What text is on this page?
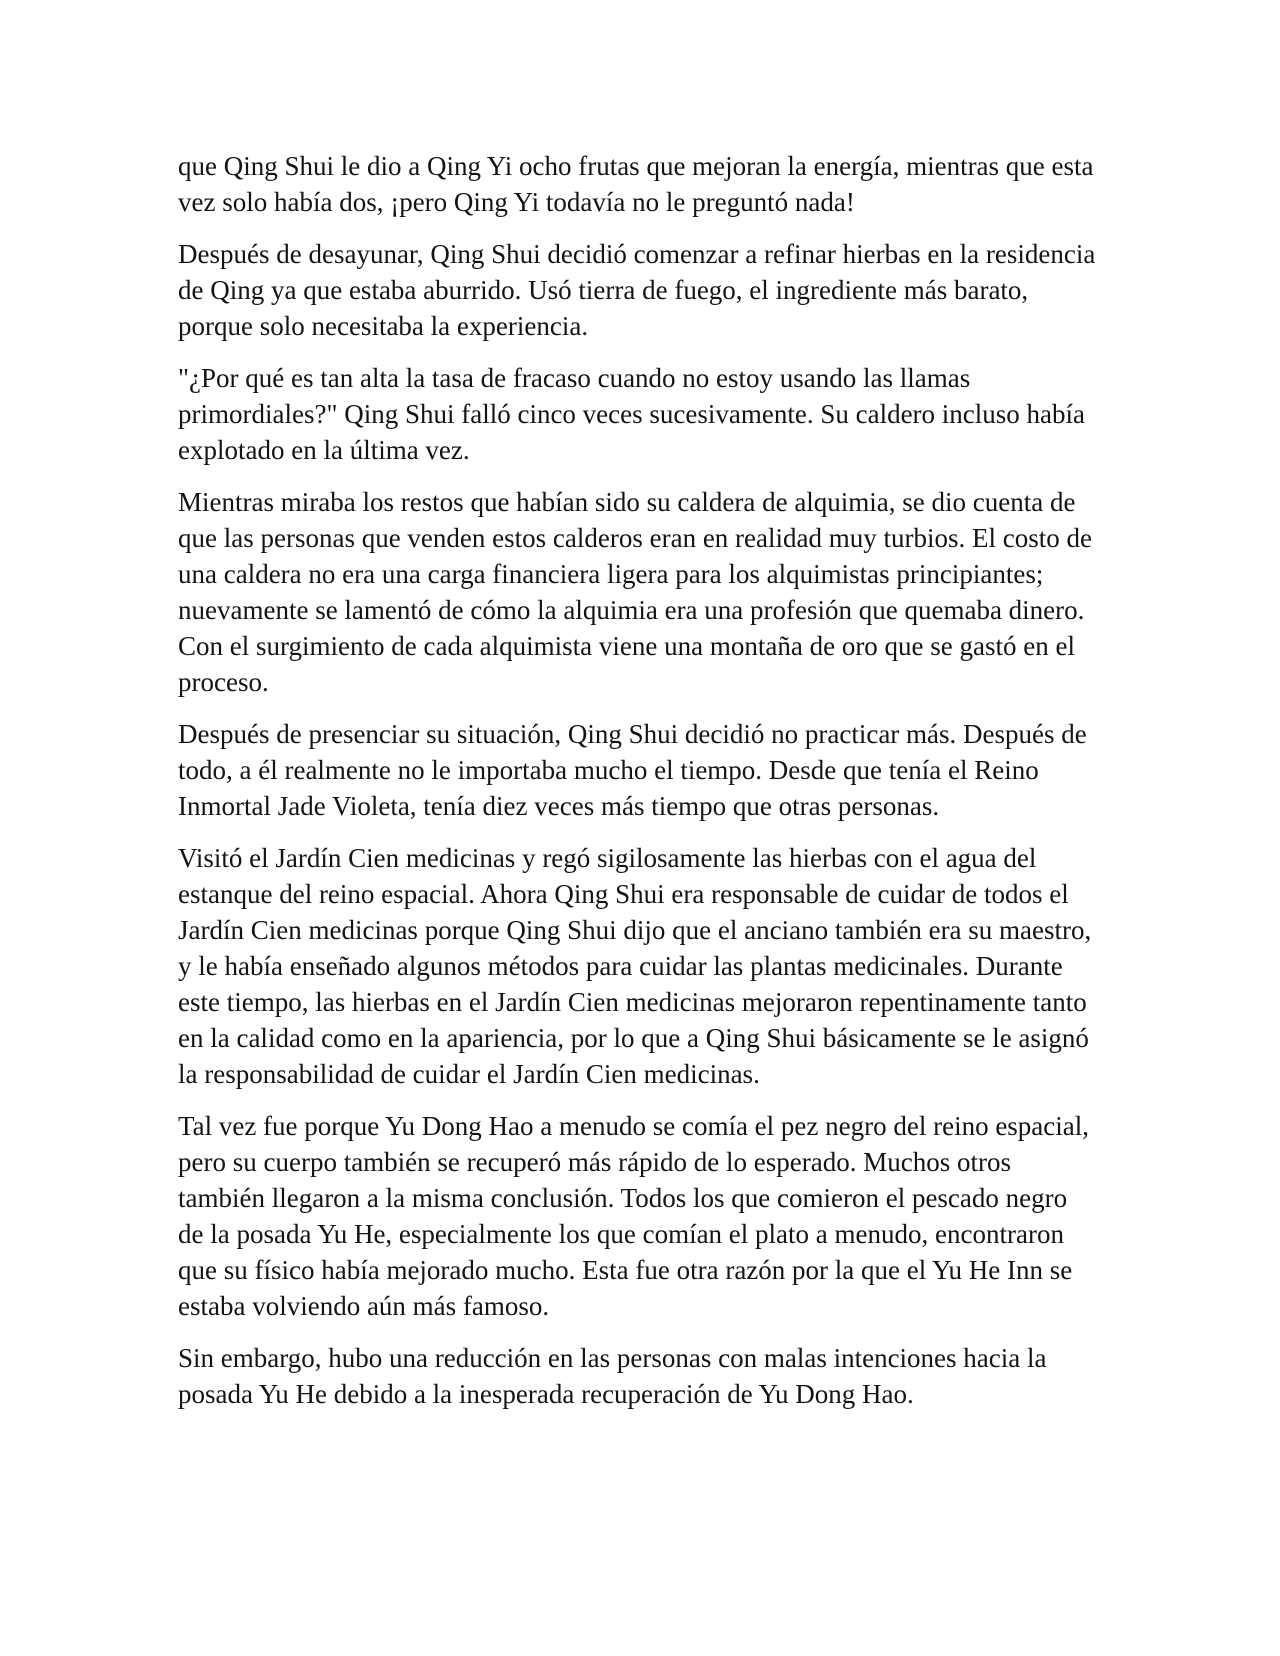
que Qing Shui le dio a Qing Yi ocho frutas que mejoran la energía, mientras que esta vez solo había dos, ¡pero Qing Yi todavía no le preguntó nada!

Después de desayunar, Qing Shui decidió comenzar a refinar hierbas en la residencia de Qing ya que estaba aburrido. Usó tierra de fuego, el ingrediente más barato, porque solo necesitaba la experiencia.

"¿Por qué es tan alta la tasa de fracaso cuando no estoy usando las llamas primordiales?" Qing Shui falló cinco veces sucesivamente. Su caldero incluso había explotado en la última vez.

Mientras miraba los restos que habían sido su caldera de alquimia, se dio cuenta de que las personas que venden estos calderos eran en realidad muy turbios. El costo de una caldera no era una carga financiera ligera para los alquimistas principiantes; nuevamente se lamentó de cómo la alquimia era una profesión que quemaba dinero. Con el surgimiento de cada alquimista viene una montaña de oro que se gastó en el proceso.

Después de presenciar su situación, Qing Shui decidió no practicar más. Después de todo, a él realmente no le importaba mucho el tiempo. Desde que tenía el Reino Inmortal Jade Violeta, tenía diez veces más tiempo que otras personas.

Visitó el Jardín Cien medicinas y regó sigilosamente las hierbas con el agua del estanque del reino espacial. Ahora Qing Shui era responsable de cuidar de todos el Jardín Cien medicinas porque Qing Shui dijo que el anciano también era su maestro, y le había enseñado algunos métodos para cuidar las plantas medicinales. Durante este tiempo, las hierbas en el Jardín Cien medicinas mejoraron repentinamente tanto en la calidad como en la apariencia, por lo que a Qing Shui básicamente se le asignó la responsabilidad de cuidar el Jardín Cien medicinas.

Tal vez fue porque Yu Dong Hao a menudo se comía el pez negro del reino espacial, pero su cuerpo también se recuperó más rápido de lo esperado. Muchos otros también llegaron a la misma conclusión. Todos los que comieron el pescado negro de la posada Yu He, especialmente los que comían el plato a menudo, encontraron que su físico había mejorado mucho. Esta fue otra razón por la que el Yu He Inn se estaba volviendo aún más famoso.

Sin embargo, hubo una reducción en las personas con malas intenciones hacia la posada Yu He debido a la inesperada recuperación de Yu Dong Hao.
